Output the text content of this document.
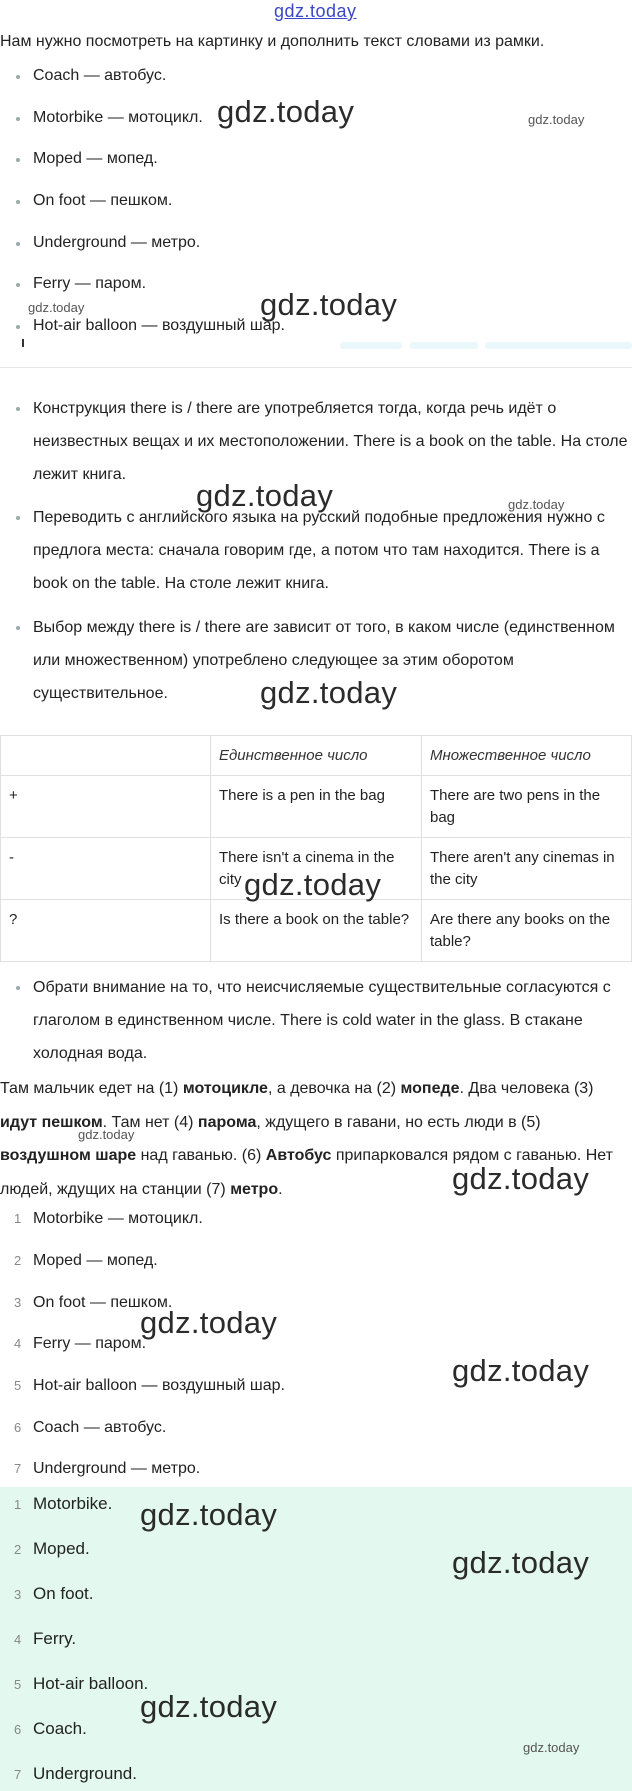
gdz.today
Нам нужно посмотреть на картинку и дополнить текст словами из рамки.
Coach — автобус.
Motorbike — мотоцикл.
Moped — мопед.
On foot — пешком.
Underground — метро.
Ferry — паром.
Hot-air balloon — воздушный шар.
Конструкция there is / there are употребляется тогда, когда речь идёт о неизвестных вещах и их местоположении. There is a book on the table. На столе лежит книга.
Переводить с английского языка на русский подобные предложения нужно с предлога места: сначала говорим где, а потом что там находится. There is a book on the table. На столе лежит книга.
Выбор между there is / there are зависит от того, в каком числе (единственном или множественном) употреблено следующее за этим оборотом существительное.
	Единственное число	Множественное число
+	There is a pen in the bag	There are two pens in the bag
-	There isn't a cinema in the city	There aren't any cinemas in the city
?	Is there a book on the table?	Are there any books on the table?
Обрати внимание на то, что неисчисляемые существительные согласуются с глаголом в единственном числе. There is cold water in the glass. В стакане холодная вода.
Там мальчик едет на (1) мотоцикле, а девочка на (2) мопеде. Два человека (3) идут пешком. Там нет (4) парома, ждущего в гавани, но есть люди в (5) воздушном шаре над гаванью. (6) Автобус припарковался рядом с гаванью. Нет людей, ждущих на станции (7) метро.
1 Motorbike — мотоцикл.
2 Moped — мопед.
3 On foot — пешком.
4 Ferry — паром.
5 Hot-air balloon — воздушный шар.
6 Coach — автобус.
7 Underground — метро.
1 Motorbike.
2 Moped.
3 On foot.
4 Ferry.
5 Hot-air balloon.
6 Coach.
7 Underground.
gdz.today	gdz.today
gdz.today	gdz.today
gdz.today	gdz.today
gdz.today
gdz.today
gdz.today
gdz.today
gdz.today
gdz.today
gdz.today
gdz.today
gdz.today
gdz.today
